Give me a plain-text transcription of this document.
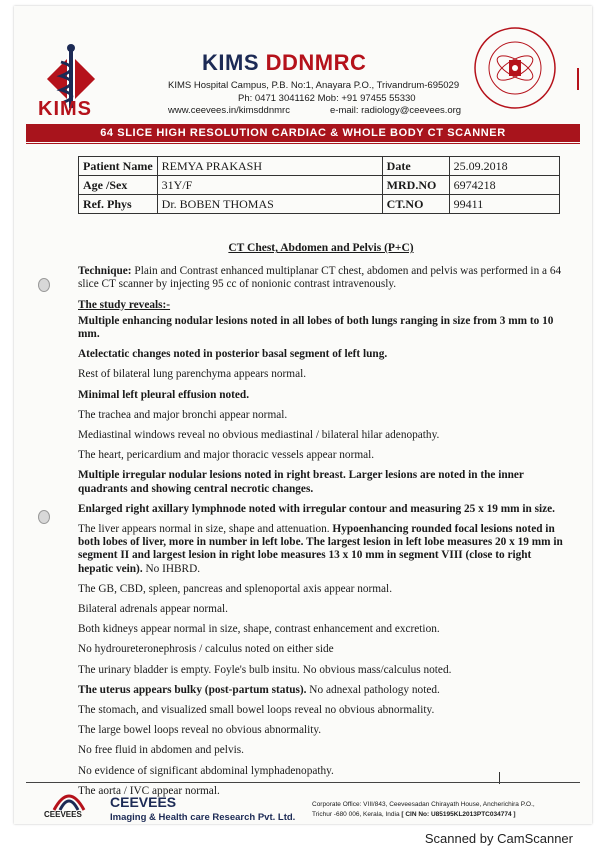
KIMS
KIMS DDNMRC
KIMS Hospital Campus, P.B. No:1, Anayara P.O., Trivandrum-695029
Ph: 0471 3041162 Mob: +91 97455 55330
www.ceevees.in/kimsddnmrc	e-mail: radiology@ceevees.org
64 SLICE HIGH RESOLUTION CARDIAC & WHOLE BODY CT SCANNER
Patient Name	REMYA PRAKASH	Date	25.09.2018
Age /Sex	31Y/F	MRD.NO	6974218
Ref. Phys	Dr. BOBEN THOMAS	CT.NO	99411
CT Chest, Abdomen and Pelvis (P+C)

Technique: Plain and Contrast enhanced multiplanar CT chest, abdomen and pelvis was performed in a 64 slice CT scanner by injecting 95 cc of nonionic contrast intravenously.

The study reveals:-

Multiple enhancing nodular lesions noted in all lobes of both lungs ranging in size from 3 mm to 10 mm.

Atelectatic changes noted in posterior basal segment of left lung.

Rest of bilateral lung parenchyma appears normal.

Minimal left pleural effusion noted.

The trachea and major bronchi appear normal.

Mediastinal windows reveal no obvious mediastinal / bilateral hilar adenopathy.

The heart, pericardium and major thoracic vessels appear normal.

Multiple irregular nodular lesions noted in right breast. Larger lesions are noted in the inner quadrants and showing central necrotic changes.

Enlarged right axillary lymphnode noted with irregular contour and measuring 25 x 19 mm in size.

The liver appears normal in size, shape and attenuation. Hypoenhancing rounded focal lesions noted in both lobes of liver, more in number in left lobe. The largest lesion in left lobe measures 20 x 19 mm in segment II and largest lesion in right lobe measures 13 x 10 mm in segment VIII (close to right hepatic vein). No IHBRD.

The GB, CBD, spleen, pancreas and splenoportal axis appear normal.

Bilateral adrenals appear normal.

Both kidneys appear normal in size, shape, contrast enhancement and excretion.

No hydroureteronephrosis / calculus noted on either side

The urinary bladder is empty. Foyle's bulb insitu. No obvious mass/calculus noted.

The uterus appears bulky (post-partum status). No adnexal pathology noted.

The stomach, and visualized small bowel loops reveal no obvious abnormality.

The large bowel loops reveal no obvious abnormality.

No free fluid in abdomen and pelvis.

No evidence of significant abdominal lymphadenopathy.

The aorta / IVC appear normal.

CEEVEES
CEEVEES
Imaging & Health care Research Pvt. Ltd.
Corporate Office: VIII/843, Ceeveesadan Chirayath House, Ancherichira P.O.,
Trichur -680 006, Kerala, India [ CIN No: U85195KL2013PTC034774 ]
Scanned by CamScanner
